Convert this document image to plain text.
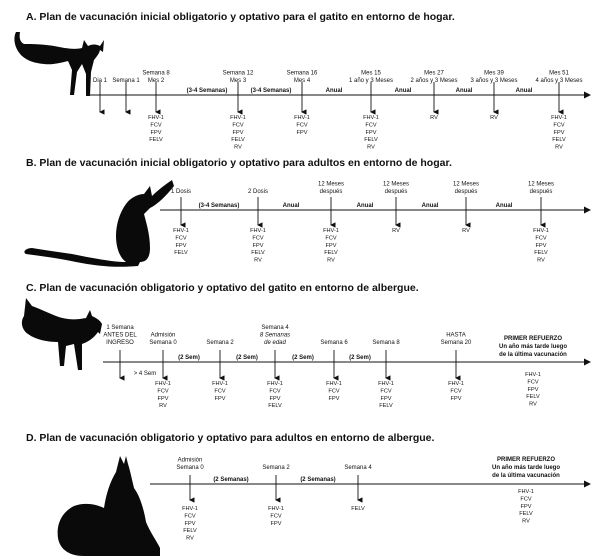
A. Plan de vacunación inicial obligatorio y optativo para el gatito en entorno de hogar.
B. Plan de vacunación inicial obligatorio y optativo para adultos en entorno de hogar.
C. Plan de vacunación obligatorio y optativo del gatito en entorno de albergue.
D. Plan de vacunación obligatorio y optativo para adultos en entorno de albergue.
Dia 1 Semana 1
Semana 8
Mes 2
FHV-1
FCV
FPV
FELV
Semana 12
Mes 3
FHV-1
FCV
FPV
FELV
RV
Semana 16
Mes 4
FHV-1
FCV
FPV
Mes 15
1 año y 3 Meses
FHV-1
FCV
FPV
FELV
RV
Mes 27
2 años y 3 Meses
RV
Mes 39
3 años y 3 Meses
RV
Mes 51
4 años y 3 Meses
FHV-1
FCV
FPV
FELV
RV
(3-4 Semanas)	(3-4 Semanas)	Anual	Anual	Anual	Anual
1 Dosis
FHV-1
FCV
FPV
FELV
2 Dosis
FHV-1
FCV
FPV
FELV
RV
12 Meses
después
FHV-1
FCV
FPV
FELV
RV
12 Meses
después
RV
12 Meses
después
RV
12 Meses
después
FHV-1
FCV
FPV
FELV
RV
(3-4 Semanas)	Anual	Anual	Anual	Anual
1 Semana
ANTES DEL
INGRESO
Admisión
Semana 0
FHV-1
FCV
FPV
RV
> 4 Sem
Semana 2
FHV-1
FCV
FPV
Semana 4
8 Semanas
de edad
FHV-1
FCV
FPV
FELV
Semana 6
FHV-1
FCV
FPV
Semana 8
FHV-1
FCV
FPV
FELV
HASTA
Semana 20
FHV-1
FCV
FPV
(2 Sem)	(2 Sem)	(2 Sem)	(2 Sem)
PRIMER REFUERZO
Un año más tarde luego
de la última vacunación
FHV-1
FCV
FPV
FELV
RV
Admisión
Semana 0
FHV-1
FCV
FPV
FELV
RV
Semana 2
FHV-1
FCV
FPV
Semana 4
FELV
(2 Semanas)	(2 Semanas)
PRIMER REFUERZO
Un año más tarde luego
de la última vacunación
FHV-1
FCV
FPV
FELV
RV
